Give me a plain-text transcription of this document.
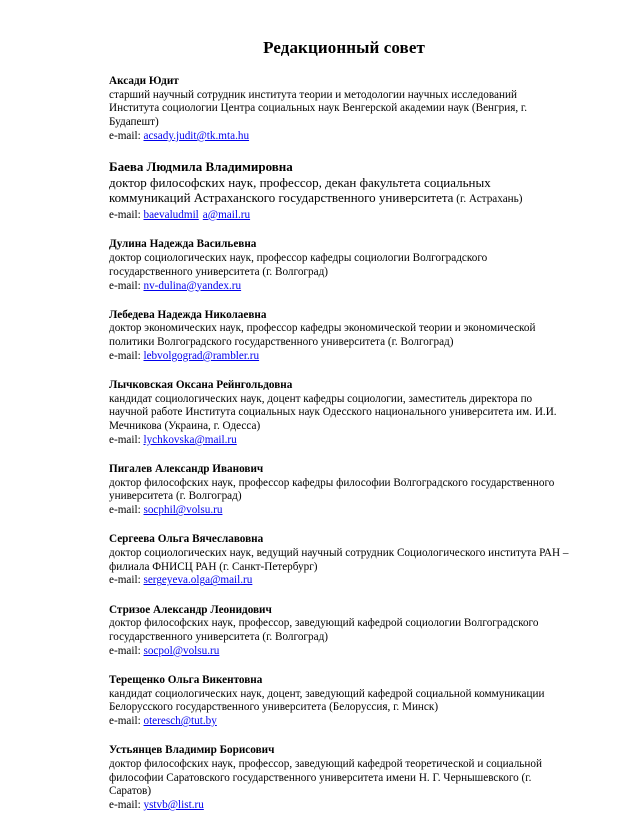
Редакционный совет
Аксади Юдит
старший научный сотрудник института теории и методологии научных исследований Института социологии Центра социальных наук Венгерской академии наук (Венгрия, г. Будапешт)
e-mail: acsady.judit@tk.mta.hu
Баева Людмила Владимировна
доктор философских наук, профессор, декан факультета социальных коммуникаций Астраханского государственного университета (г. Астрахань)
e-mail: baevaludmil a@mail.ru
Дулина Надежда Васильевна
доктор социологических наук, профессор кафедры социологии Волгоградского государственного университета (г. Волгоград)
e-mail: nv-dulina@yandex.ru
Лебедева Надежда Николаевна
доктор экономических наук, профессор кафедры экономической теории и экономической политики Волгоградского государственного университета (г. Волгоград)
e-mail: lebvolgograd@rambler.ru
Лычковская Оксана Рейнгольдовна
кандидат социологических наук, доцент кафедры социологии, заместитель директора по научной работе Института социальных наук Одесского национального университета им. И.И. Мечникова (Украина, г. Одесса)
e-mail: lychkovska@mail.ru
Пигалев Александр Иванович
доктор философских наук, профессор кафедры философии Волгоградского государственного университета (г. Волгоград)
e-mail: socphil@volsu.ru
Сергеева Ольга Вячеславовна
доктор социологических наук, ведущий научный сотрудник Социологического института РАН – филиала ФНИСЦ РАН (г. Санкт-Петербург)
e-mail: sergeyeva.olga@mail.ru
Стризое Александр Леонидович
доктор философских наук, профессор, заведующий кафедрой социологии Волгоградского государственного университета (г. Волгоград)
e-mail: socpol@volsu.ru
Терещенко Ольга Викентовна
кандидат социологических наук, доцент, заведующий кафедрой социальной коммуникации Белорусского государственного университета (Белоруссия, г. Минск)
e-mail: oteresch@tut.by
Устьянцев Владимир Борисович
доктор философских наук, профессор, заведующий кафедрой теоретической и социальной философии Саратовского государственного университета имени Н. Г. Чернышевского (г. Саратов)
e-mail: ystvb@list.ru
